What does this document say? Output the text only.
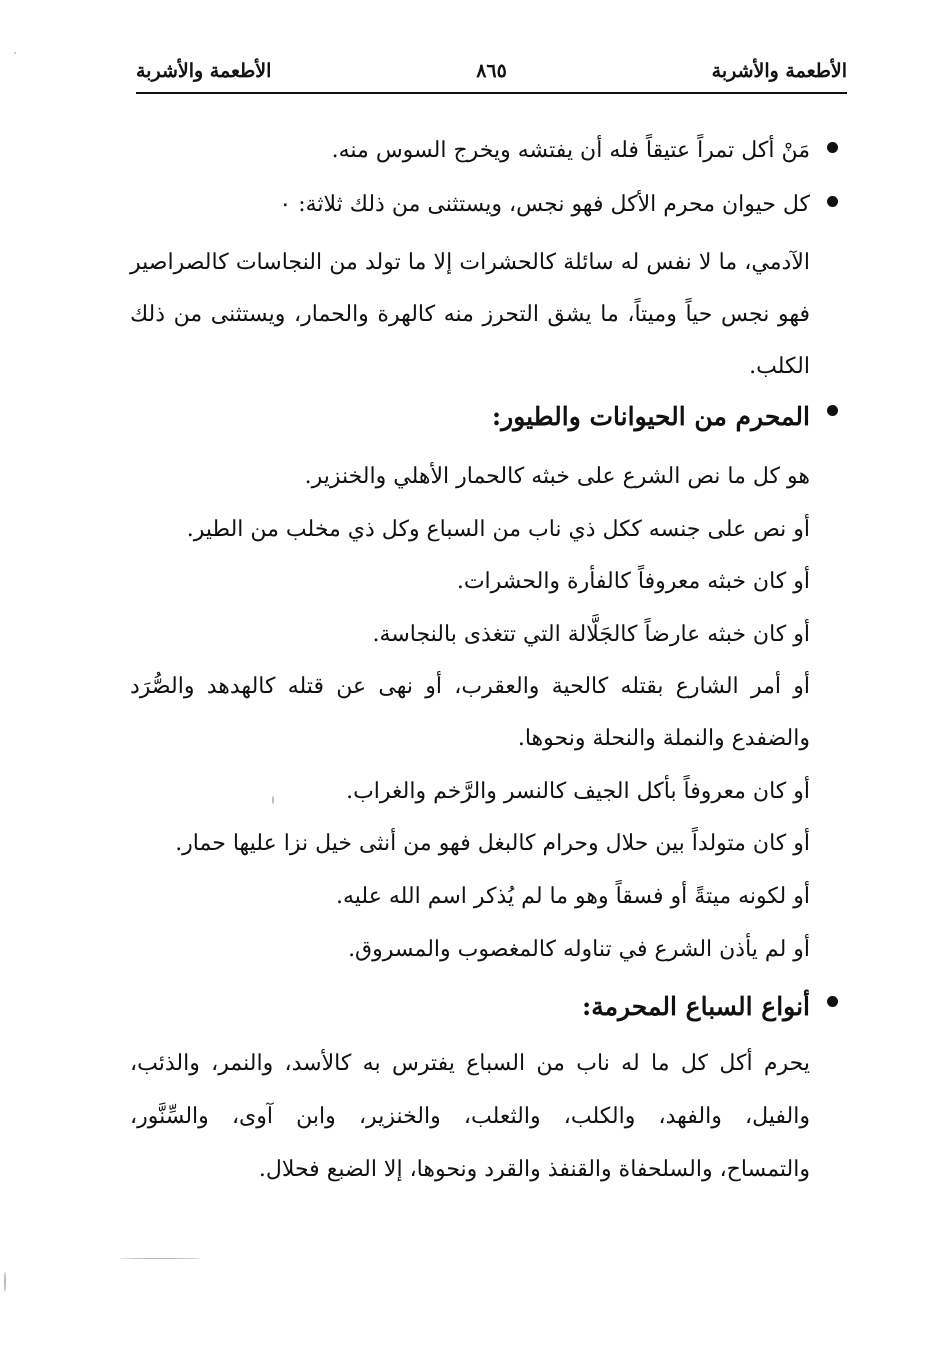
الأطعمة والأشربة
٨٦٥
الأطعمة والأشربة
مَنْ أكل تمراً عتيقاً فله أن يفتشه ويخرج السوس منه.
كل حيوان محرم الأكل فهو نجس، ويستثنى من ذلك ثلاثة: ٠
الآدمي، ما لا نفس له سائلة كالحشرات إلا ما تولد من النجاسات كالصراصير
فهو نجس حياً وميتاً، ما يشق التحرز منه كالهرة والحمار، ويستثنى من ذلك
الكلب.
المحرم من الحيوانات والطيور:
هو كل ما نص الشرع على خبثه كالحمار الأهلي والخنزير.
أو نص على جنسه ككل ذي ناب من السباع وكل ذي مخلب من الطير.
أو كان خبثه معروفاً كالفأرة والحشرات.
أو كان خبثه عارضاً كالجَلَّالة التي تتغذى بالنجاسة.
أو أمر الشارع بقتله كالحية والعقرب، أو نهى عن قتله كالهدهد والصُّرَد
والضفدع والنملة والنحلة ونحوها.
أو كان معروفاً بأكل الجيف كالنسر والرَّخم والغراب.
أو كان متولداً بين حلال وحرام كالبغل فهو من أنثى خيل نزا عليها حمار.
أو لكونه ميتةً أو فسقاً وهو ما لم يُذكر اسم الله عليه.
أو لم يأذن الشرع في تناوله كالمغصوب والمسروق.
أنواع السباع المحرمة:
يحرم أكل كل ما له ناب من السباع يفترس به كالأسد، والنمر، والذئب،
والفيل، والفهد، والكلب، والثعلب، والخنزير، وابن آوى، والسِّنَّور،
والتمساح، والسلحفاة والقنفذ والقرد ونحوها، إلا الضبع فحلال.
